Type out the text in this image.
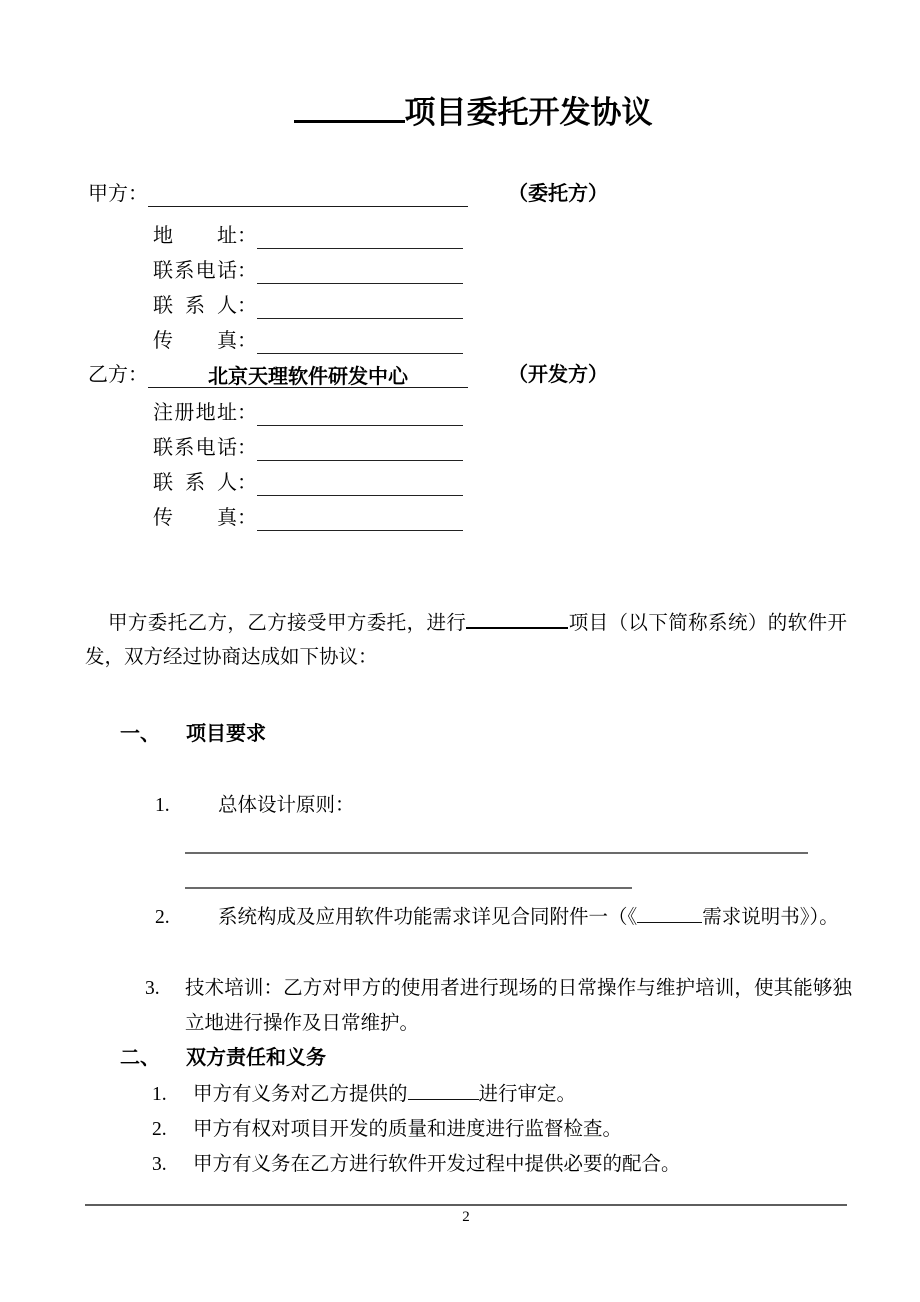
项目委托开发协议
甲方：	（委托方）
地址：
联系电话：
联系人：
传真：
乙方：	北京天理软件研发中心	（开发方）
注册地址：
联系电话：
联系人：
传真：
甲方委托乙方，乙方接受甲方委托，进行	项目（以下简称系统）的软件开发，双方经过协商达成如下协议：
一、 项目要求
1. 总体设计原则：
2. 系统构成及应用软件功能需求详见合同附件一（《	需求说明书》）。
3. 技术培训：乙方对甲方的使用者进行现场的日常操作与维护培训，使其能够独立地进行操作及日常维护。
二、 双方责任和义务
1. 甲方有义务对乙方提供的	进行审定。
2. 甲方有权对项目开发的质量和进度进行监督检查。
3. 甲方有义务在乙方进行软件开发过程中提供必要的配合。
2
